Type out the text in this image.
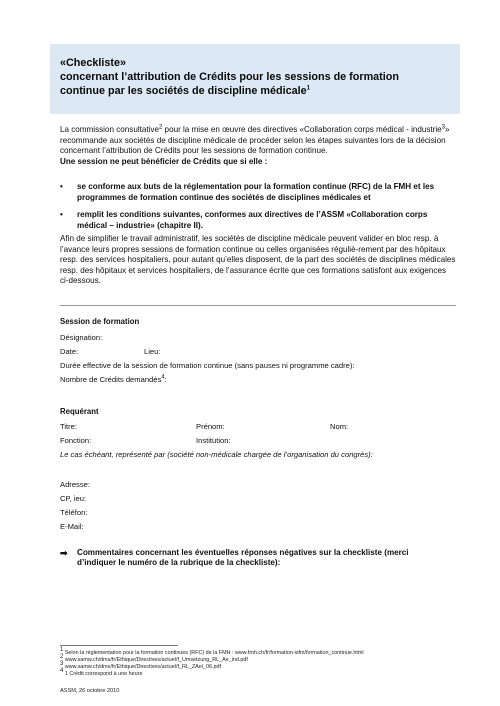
«Checkliste»
concernant l’attribution de Crédits pour les sessions de formation
continue par les sociétés de discipline médicale$^1$

La commission consultative$^2$ pour la mise en œuvre des directives «Collaboration corps médical - industrie$^3$» recommande aux sociétés de discipline médicale de procéder selon les étapes suivantes lors de la décision concernant l’attribution de Crédits pour les sessions de formation continue.

Une session ne peut bénéficier de Crédits que si elle :

• se conforme aux buts de la réglementation pour la formation continue (RFC) de la FMH et les programmes de formation continue des sociétés de disciplines médicales et
• remplit les conditions suivantes, conformes aux directives de l’ASSM «Collaboration corps médical – industrie» (chapitre II).
Afin de simplifier le travail administratif, les sociétés de discipline médicale peuvent valider en bloc resp. à l’avance leurs propres sessions de formation continue ou celles organisées réguliè-rement par des hôpitaux resp. des services hospitaliers, pour autant qu’elles disposent, de la part des sociétés de disciplines médicales resp. des hôpitaux et services hospitaliers, de l’assurance écrite que ces formations satisfont aux exigences ci-dessous.
Session de formation
Désignation:
Date:	Lieu:
Durée effective de la session de formation continue (sans pauses ni programme cadre):
Nombre de Crédits demandés$^4$:
Requérant
Titre:	Prénom:	Nom:
Fonction:	Institution:
Le cas échéant, représenté par (société non-médicale chargée de l’organisation du congrès):
Adresse:
CP, ieu:
Téléfon:
E-Mail:
➡ Commentaires concernant les éventuelles réponses négatives sur la checkliste (merci d’indiquer le numéro de la rubrique de la checkliste):
$^1$ Selon la réglementation pour la formation continues (RFC) de la FMH : www.fmh.ch/fr/formation-isfm/formation_continue.html
$^2$ www.samw.ch/dms/fr/Ethique/Directives/actuel/f_Umsetzung_RL_Ae_ind.pdf
$^3$ www.samw.ch/dms/fr/Ethique/Directives/actuel/f_RL_ZAel_06.pdf
$^4$ 1 Crédit correspond à une heure
ASSM, 26 octobre 2010
